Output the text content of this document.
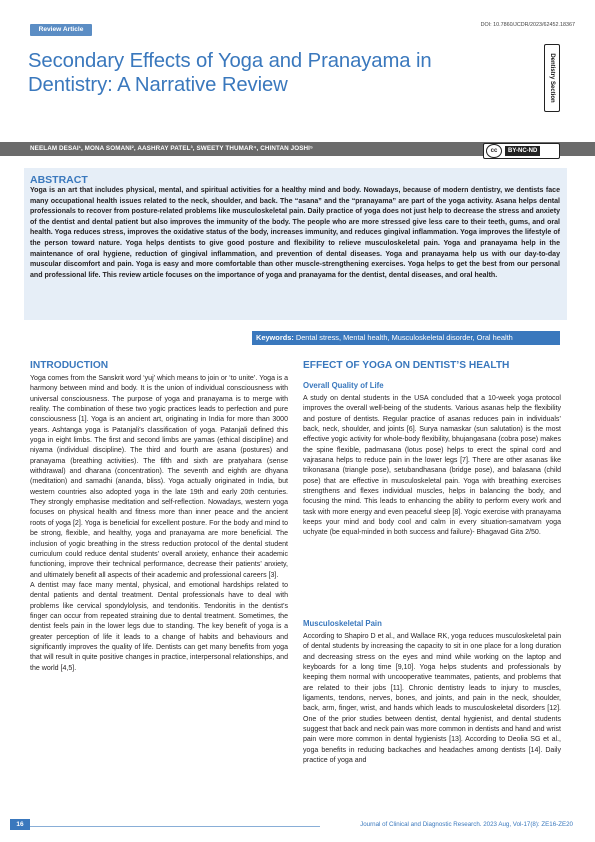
Review Article
DOI: 10.7860/JCDR/2023/62452.18367
Secondary Effects of Yoga and Pranayama in Dentistry: A Narrative Review	Dentistry Section
NEELAM DESAI¹, MONA SOMANI², AASHRAY PATEL³, SWEETY THUMAR⁴, CHINTAN JOSHI⁵	cc	BY-NC-ND
ABSTRACT
Yoga is an art that includes physical, mental, and spiritual activities for a healthy mind and body. Nowadays, because of modern dentistry, we dentists face many occupational health issues related to the neck, shoulder, and back. The “asana” and the “pranayama” are part of the yoga activity. Asana helps dental professionals to recover from posture-related problems like musculoskeletal pain. Daily practice of yoga does not just help to decrease the stress and anxiety of the dentist and dental patient but also improves the immunity of the body. The people who are more stressed give less care to their teeth, gums, and oral health. Yoga reduces stress, improves the oxidative status of the body, increases immunity, and reduces gingival inflammation. Yoga improves the lifestyle of the person toward nature. Yoga helps dentists to give good posture and flexibility to relieve musculoskeletal pain. Yoga and pranayama help in the maintenance of oral hygiene, reduction of gingival inflammation, and prevention of dental diseases. Yoga and pranayama help us with our day-to-day muscular discomfort and pain. Yoga is easy and more comfortable than other muscle-strengthening exercises. Yoga helps to get the best from our personal and professional life. This review article focuses on the importance of yoga and pranayama for the dentist, dental diseases, and oral health.
Keywords: Dental stress, Mental health, Musculoskeletal disorder, Oral health
INTRODUCTION

Yoga comes from the Sanskrit word ‘yuj’ which means to join or ‘to unite’. Yoga is a harmony between mind and body. It is the union of individual consciousness with universal consciousness. The purpose of yoga and pranayama is to merge with reality. The combination of these two yogic practices leads to perfection and pure consciousness [1]. Yoga is an ancient art, originating in India for more than 3000 years. Ashtanga yoga is Patanjali’s classification of yoga. Patanjali defined this yoga in eight limbs. The first and second limbs are yamas (ethical discipline) and niyama (individual discipline). The third and fourth are asana (postures) and pranayama (breathing activities). The fifth and sixth are pratyahara (sense withdrawal) and dharana (concentration). The seventh and eighth are dhyana (meditation) and samadhi (ananda, bliss). Yoga actually originated in India, but western countries also adopted yoga in the late 19th and early 20th centuries. They strongly emphasise meditation and self-reflection. Nowadays, western yoga focuses on physical health and fitness more than inner peace and the ancient roots of yoga [2]. Yoga is beneficial for excellent posture. For the body and mind to be strong, flexible, and healthy, yoga and pranayama are more beneficial. The inclusion of yogic breathing in the stress reduction protocol of the dental student curriculum could reduce dental students’ overall anxiety, enhance their academic functioning, improve their technical performance, decrease their patients’ anxiety, and ultimately benefit all aspects of their academic and professional careers [3].

A dentist may face many mental, physical, and emotional hardships related to dental patients and dental treatment. Dental professionals have to deal with problems like cervical spondylolysis, and tendonitis. Tendonitis in the dentist’s finger can occur from repeated straining due to dental treatment. Sometimes, the dentist feels pain in the lower legs due to standing. The key benefit of yoga is a greater perception of life it leads to a change of habits and behaviours and significantly improves the quality of life. Dentists can get many benefits from yoga that will result in quite positive changes in practice, interpersonal relationships, and the world [4,5].

EFFECT OF YOGA ON DENTIST’S HEALTH
Overall Quality of Life
A study on dental students in the USA concluded that a 10-week yoga protocol improves the overall well-being of the students. Various asanas help the flexibility and posture of dentists. Regular practice of asanas reduces pain in individuals’ back, neck, shoulder, and joints [6]. Surya namaskar (sun salutation) is the most effective yogic activity for whole-body flexibility, bhujangasana (cobra pose) makes the spine flexible, padmasana (lotus pose) helps to erect the spinal cord and vajrasana helps to reduce pain in the lower legs [7]. There are other asanas like trikonasana (triangle pose), setubandhasana (bridge pose), and balasana (child pose) that are effective in musculoskeletal pain. Yoga with breathing exercises strengthens and flexes individual muscles, helps in balancing the body, and focusing the mind. This leads to enhancing the ability to perform every work and task with more energy and even peaceful sleep [8]. Yogic exercise with pranayama keeps your mind and body cool and calm in every situation-samatvam yoga uchyate (be equal-minded in both success and failure)- Bhagavad Gita 2/50.
Musculoskeletal Pain
According to Shapiro D et al., and Wallace RK, yoga reduces musculoskeletal pain of dental students by increasing the capacity to sit in one place for a long duration and decreasing stress on the eyes and mind while working on the laptop and keyboards for a long time [9,10]. Yoga helps students and professionals by keeping them normal with uncooperative teammates, patients, and problems that are related to their jobs [11]. Chronic dentistry leads to injury to muscles, ligaments, tendons, nerves, bones, and joints, and pain in the neck, shoulder, back, arm, finger, wrist, and hands which leads to musculoskeletal disorders [12]. One of the prior studies between dentist, dental hygienist, and dental students suggest that back and neck pain was more common in dentists and hand and wrist pain were more common in dental hygienists [13]. According to Deolia SG et al., yoga benefits in reducing backaches and headaches among dentists [14]. Daily practice of yoga and
16	Journal of Clinical and Diagnostic Research. 2023 Aug, Vol-17(8): ZE16-ZE20
